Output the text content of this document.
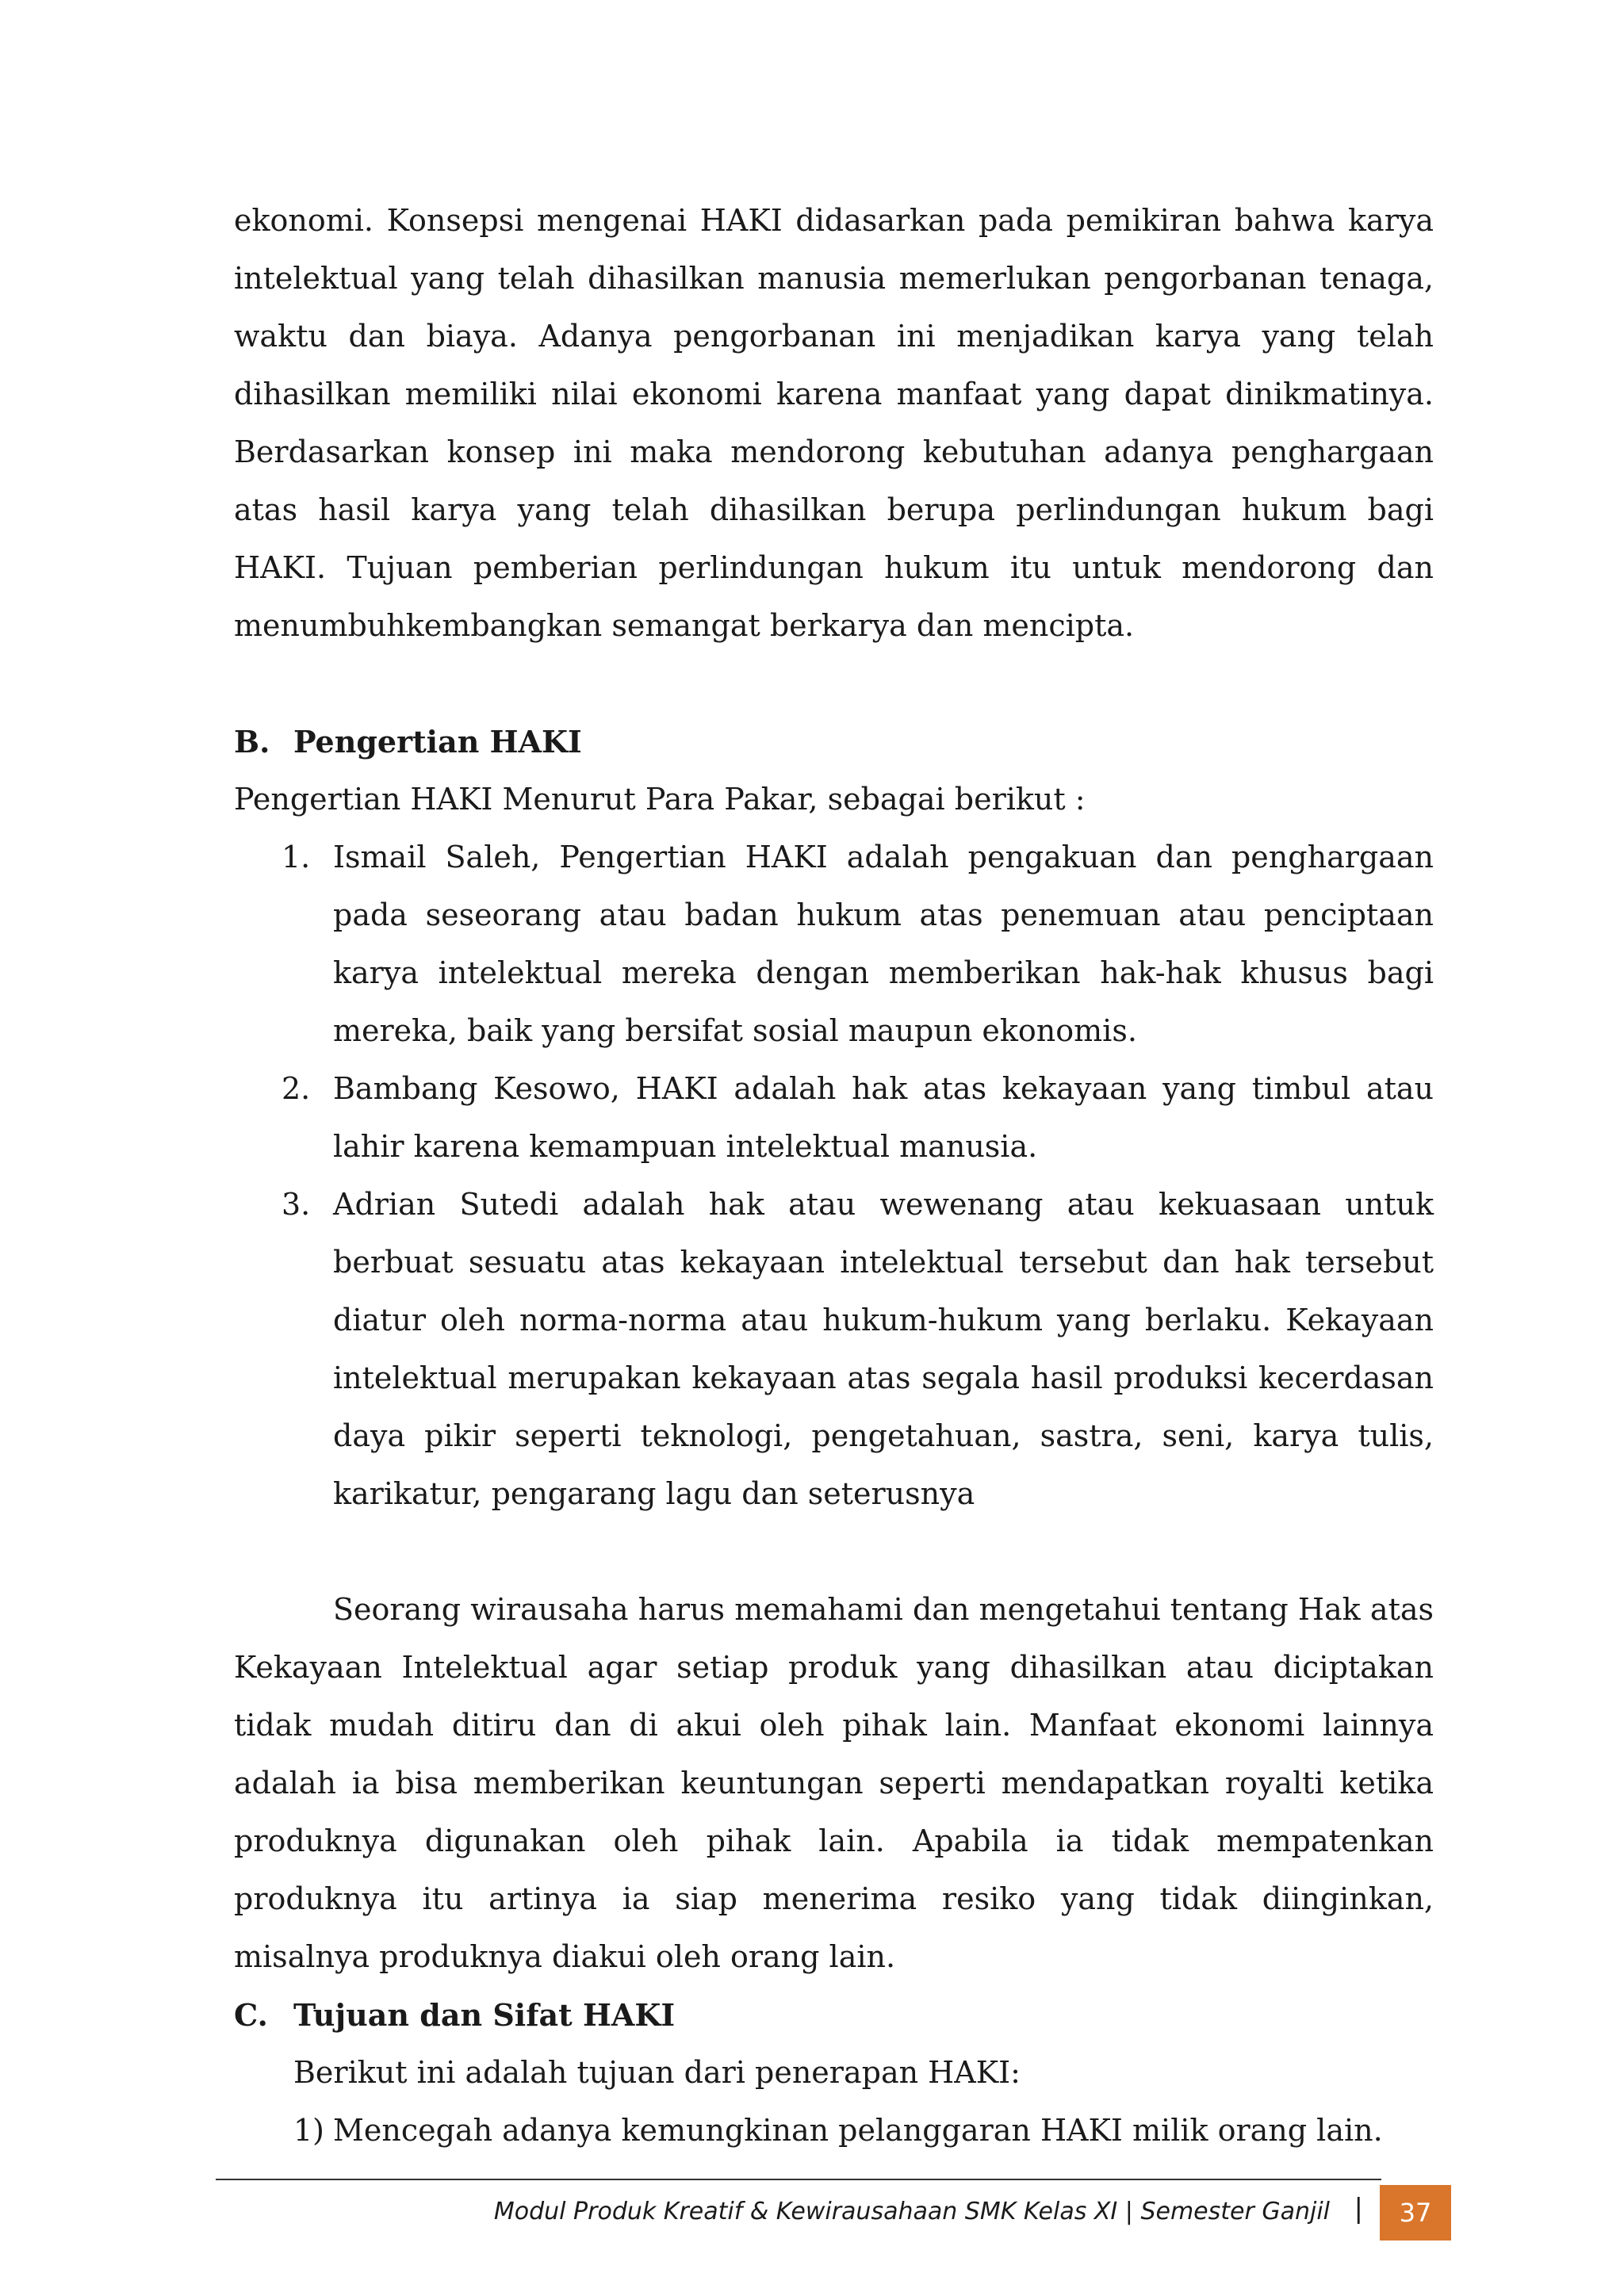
ekonomi. Konsepsi mengenai HAKI didasarkan pada pemikiran bahwa karya intelektual yang telah dihasilkan manusia memerlukan pengorbanan tenaga, waktu dan biaya. Adanya pengorbanan ini menjadikan karya yang telah dihasilkan memiliki nilai ekonomi karena manfaat yang dapat dinikmatinya. Berdasarkan konsep ini maka mendorong kebutuhan adanya penghargaan atas hasil karya yang telah dihasilkan berupa perlindungan hukum bagi HAKI. Tujuan pemberian perlindungan hukum itu untuk mendorong dan menumbuhkembangkan semangat berkarya dan mencipta.

B. Pengertian HAKI

Pengertian HAKI Menurut Para Pakar, sebagai berikut :

1. Ismail Saleh, Pengertian HAKI adalah pengakuan dan penghargaan pada seseorang atau badan hukum atas penemuan atau penciptaan karya intelektual mereka dengan memberikan hak-hak khusus bagi mereka, baik yang bersifat sosial maupun ekonomis.
2. Bambang Kesowo, HAKI adalah hak atas kekayaan yang timbul atau lahir karena kemampuan intelektual manusia.
3. Adrian Sutedi adalah hak atau wewenang atau kekuasaan untuk berbuat sesuatu atas kekayaan intelektual tersebut dan hak tersebut diatur oleh norma-norma atau hukum-hukum yang berlaku. Kekayaan intelektual merupakan kekayaan atas segala hasil produksi kecerdasan daya pikir seperti teknologi, pengetahuan, sastra, seni, karya tulis, karikatur, pengarang lagu dan seterusnya

Seorang wirausaha harus memahami dan mengetahui tentang Hak atas Kekayaan Intelektual agar setiap produk yang dihasilkan atau diciptakan tidak mudah ditiru dan di akui oleh pihak lain. Manfaat ekonomi lainnya adalah ia bisa memberikan keuntungan seperti mendapatkan royalti ketika produknya digunakan oleh pihak lain. Apabila ia tidak mempatenkan produknya itu artinya ia siap menerima resiko yang tidak diinginkan, misalnya produknya diakui oleh orang lain.

C. Tujuan dan Sifat HAKI

Berikut ini adalah tujuan dari penerapan HAKI:

1) Mencegah adanya kemungkinan pelanggaran HAKI milik orang lain.
Modul Produk Kreatif & Kewirausahaan SMK Kelas XI | Semester Ganjil | 37
